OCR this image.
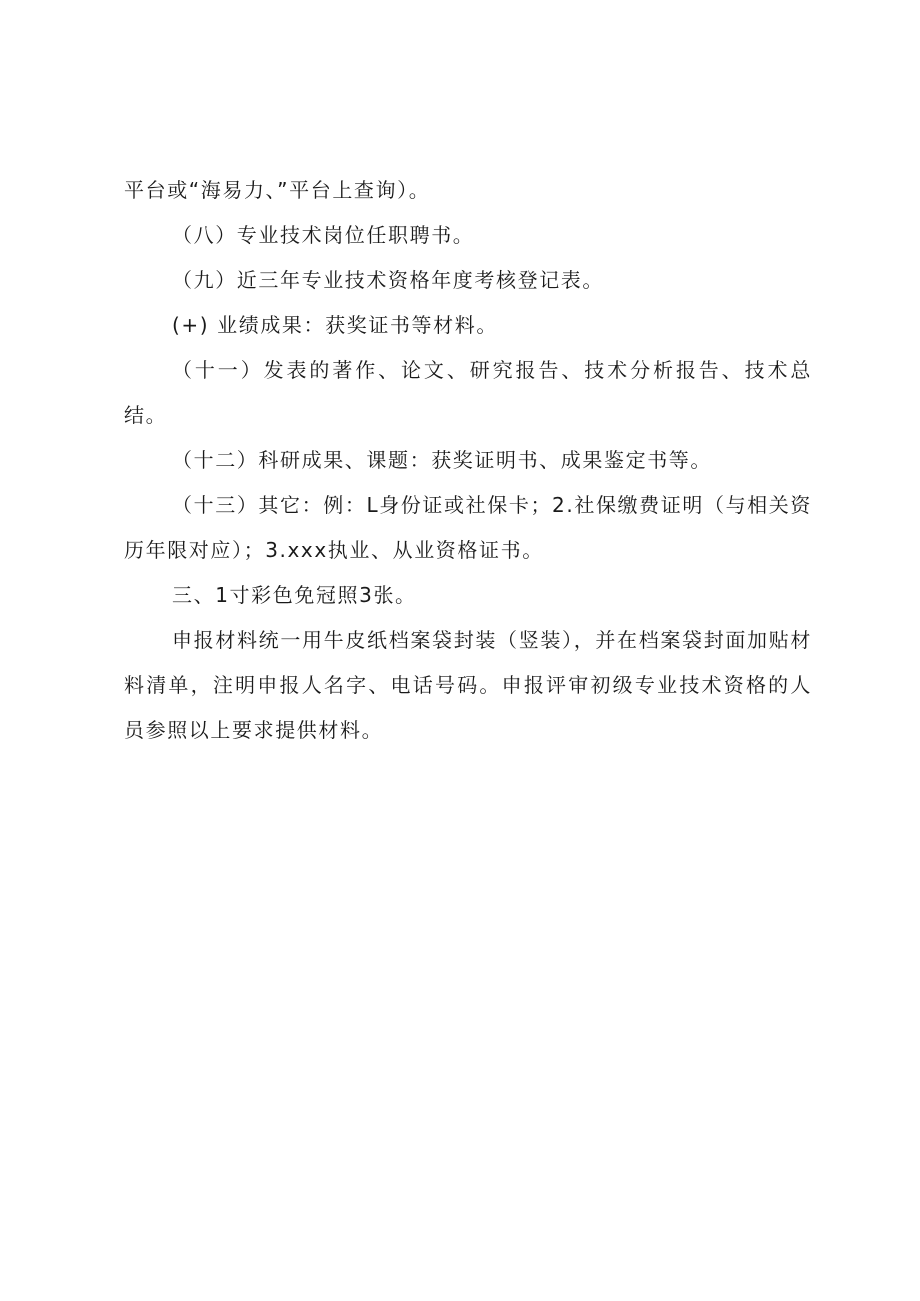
平台或“海易力、”平台上查询）。

（八）专业技术岗位任职聘书。

（九）近三年专业技术资格年度考核登记表。

(+) 业绩成果：获奖证书等材料。

（十一）发表的著作、论文、研究报告、技术分析报告、技术总结。

（十二）科研成果、课题：获奖证明书、成果鉴定书等。

（十三）其它：例：L身份证或社保卡；2.社保缴费证明（与相关资历年限对应）；3.xxx执业、从业资格证书。

三、1寸彩色免冠照3张。

申报材料统一用牛皮纸档案袋封装（竖装），并在档案袋封面加贴材料清单，注明申报人名字、电话号码。申报评审初级专业技术资格的人员参照以上要求提供材料。
